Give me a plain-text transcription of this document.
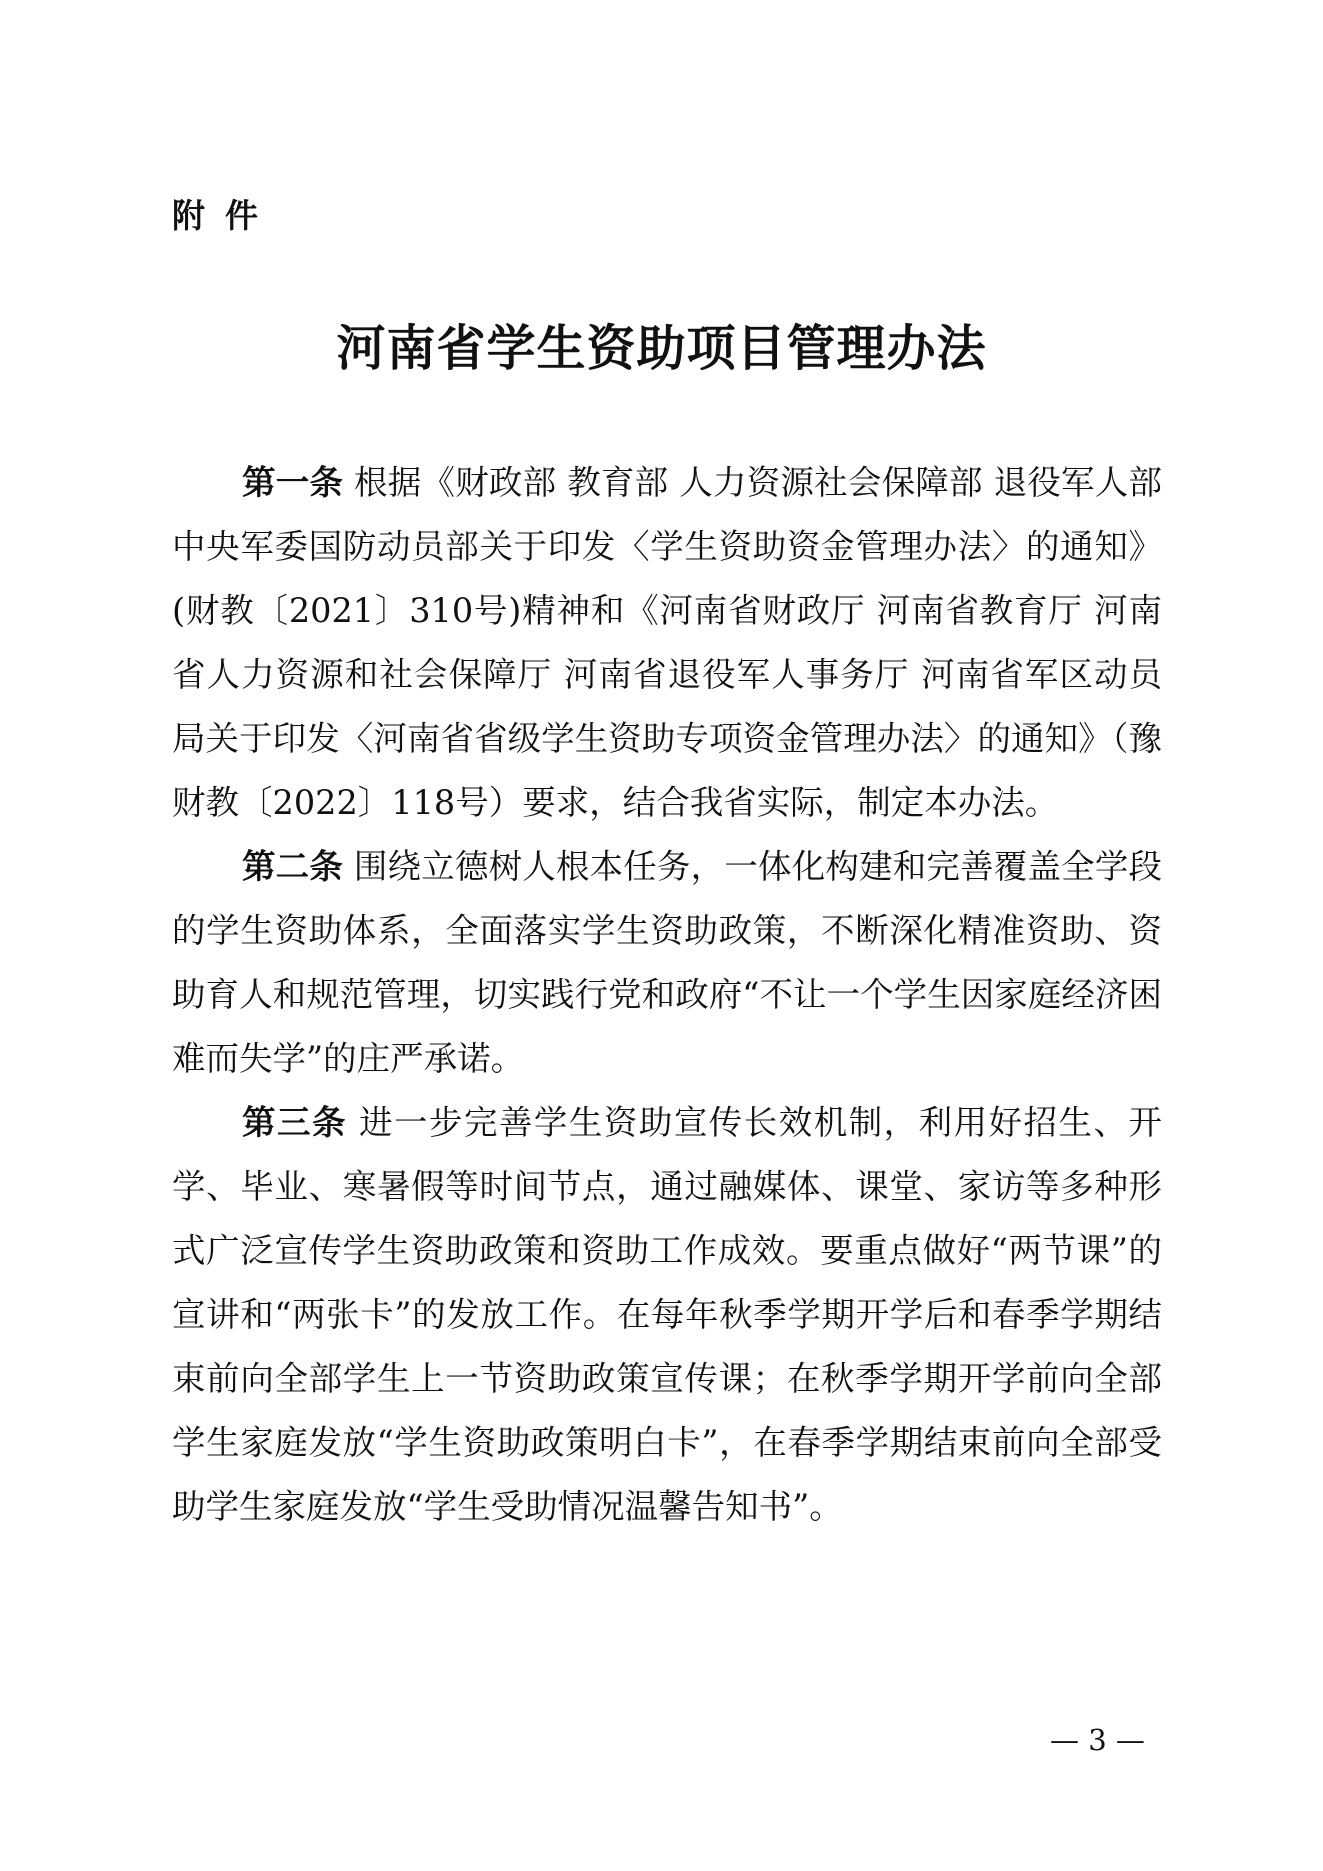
附件
河南省学生资助项目管理办法

第一条 根据《财政部 教育部 人力资源社会保障部 退役军人部 中央军委国防动员部关于印发〈学生资助资金管理办法〉的通知》(财教〔2021〕310号)精神和《河南省财政厅 河南省教育厅 河南省人力资源和社会保障厅 河南省退役军人事务厅 河南省军区动员局关于印发〈河南省省级学生资助专项资金管理办法〉的通知》（豫财教〔2022〕118号）要求，结合我省实际，制定本办法。

第二条 围绕立德树人根本任务，一体化构建和完善覆盖全学段的学生资助体系，全面落实学生资助政策，不断深化精准资助、资助育人和规范管理，切实践行党和政府“不让一个学生因家庭经济困难而失学”的庄严承诺。

第三条 进一步完善学生资助宣传长效机制，利用好招生、开学、毕业、寒暑假等时间节点，通过融媒体、课堂、家访等多种形式广泛宣传学生资助政策和资助工作成效。要重点做好“两节课”的宣讲和“两张卡”的发放工作。在每年秋季学期开学后和春季学期结束前向全部学生上一节资助政策宣传课；在秋季学期开学前向全部学生家庭发放“学生资助政策明白卡”，在春季学期结束前向全部受助学生家庭发放“学生受助情况温馨告知书”。

— 3 —
